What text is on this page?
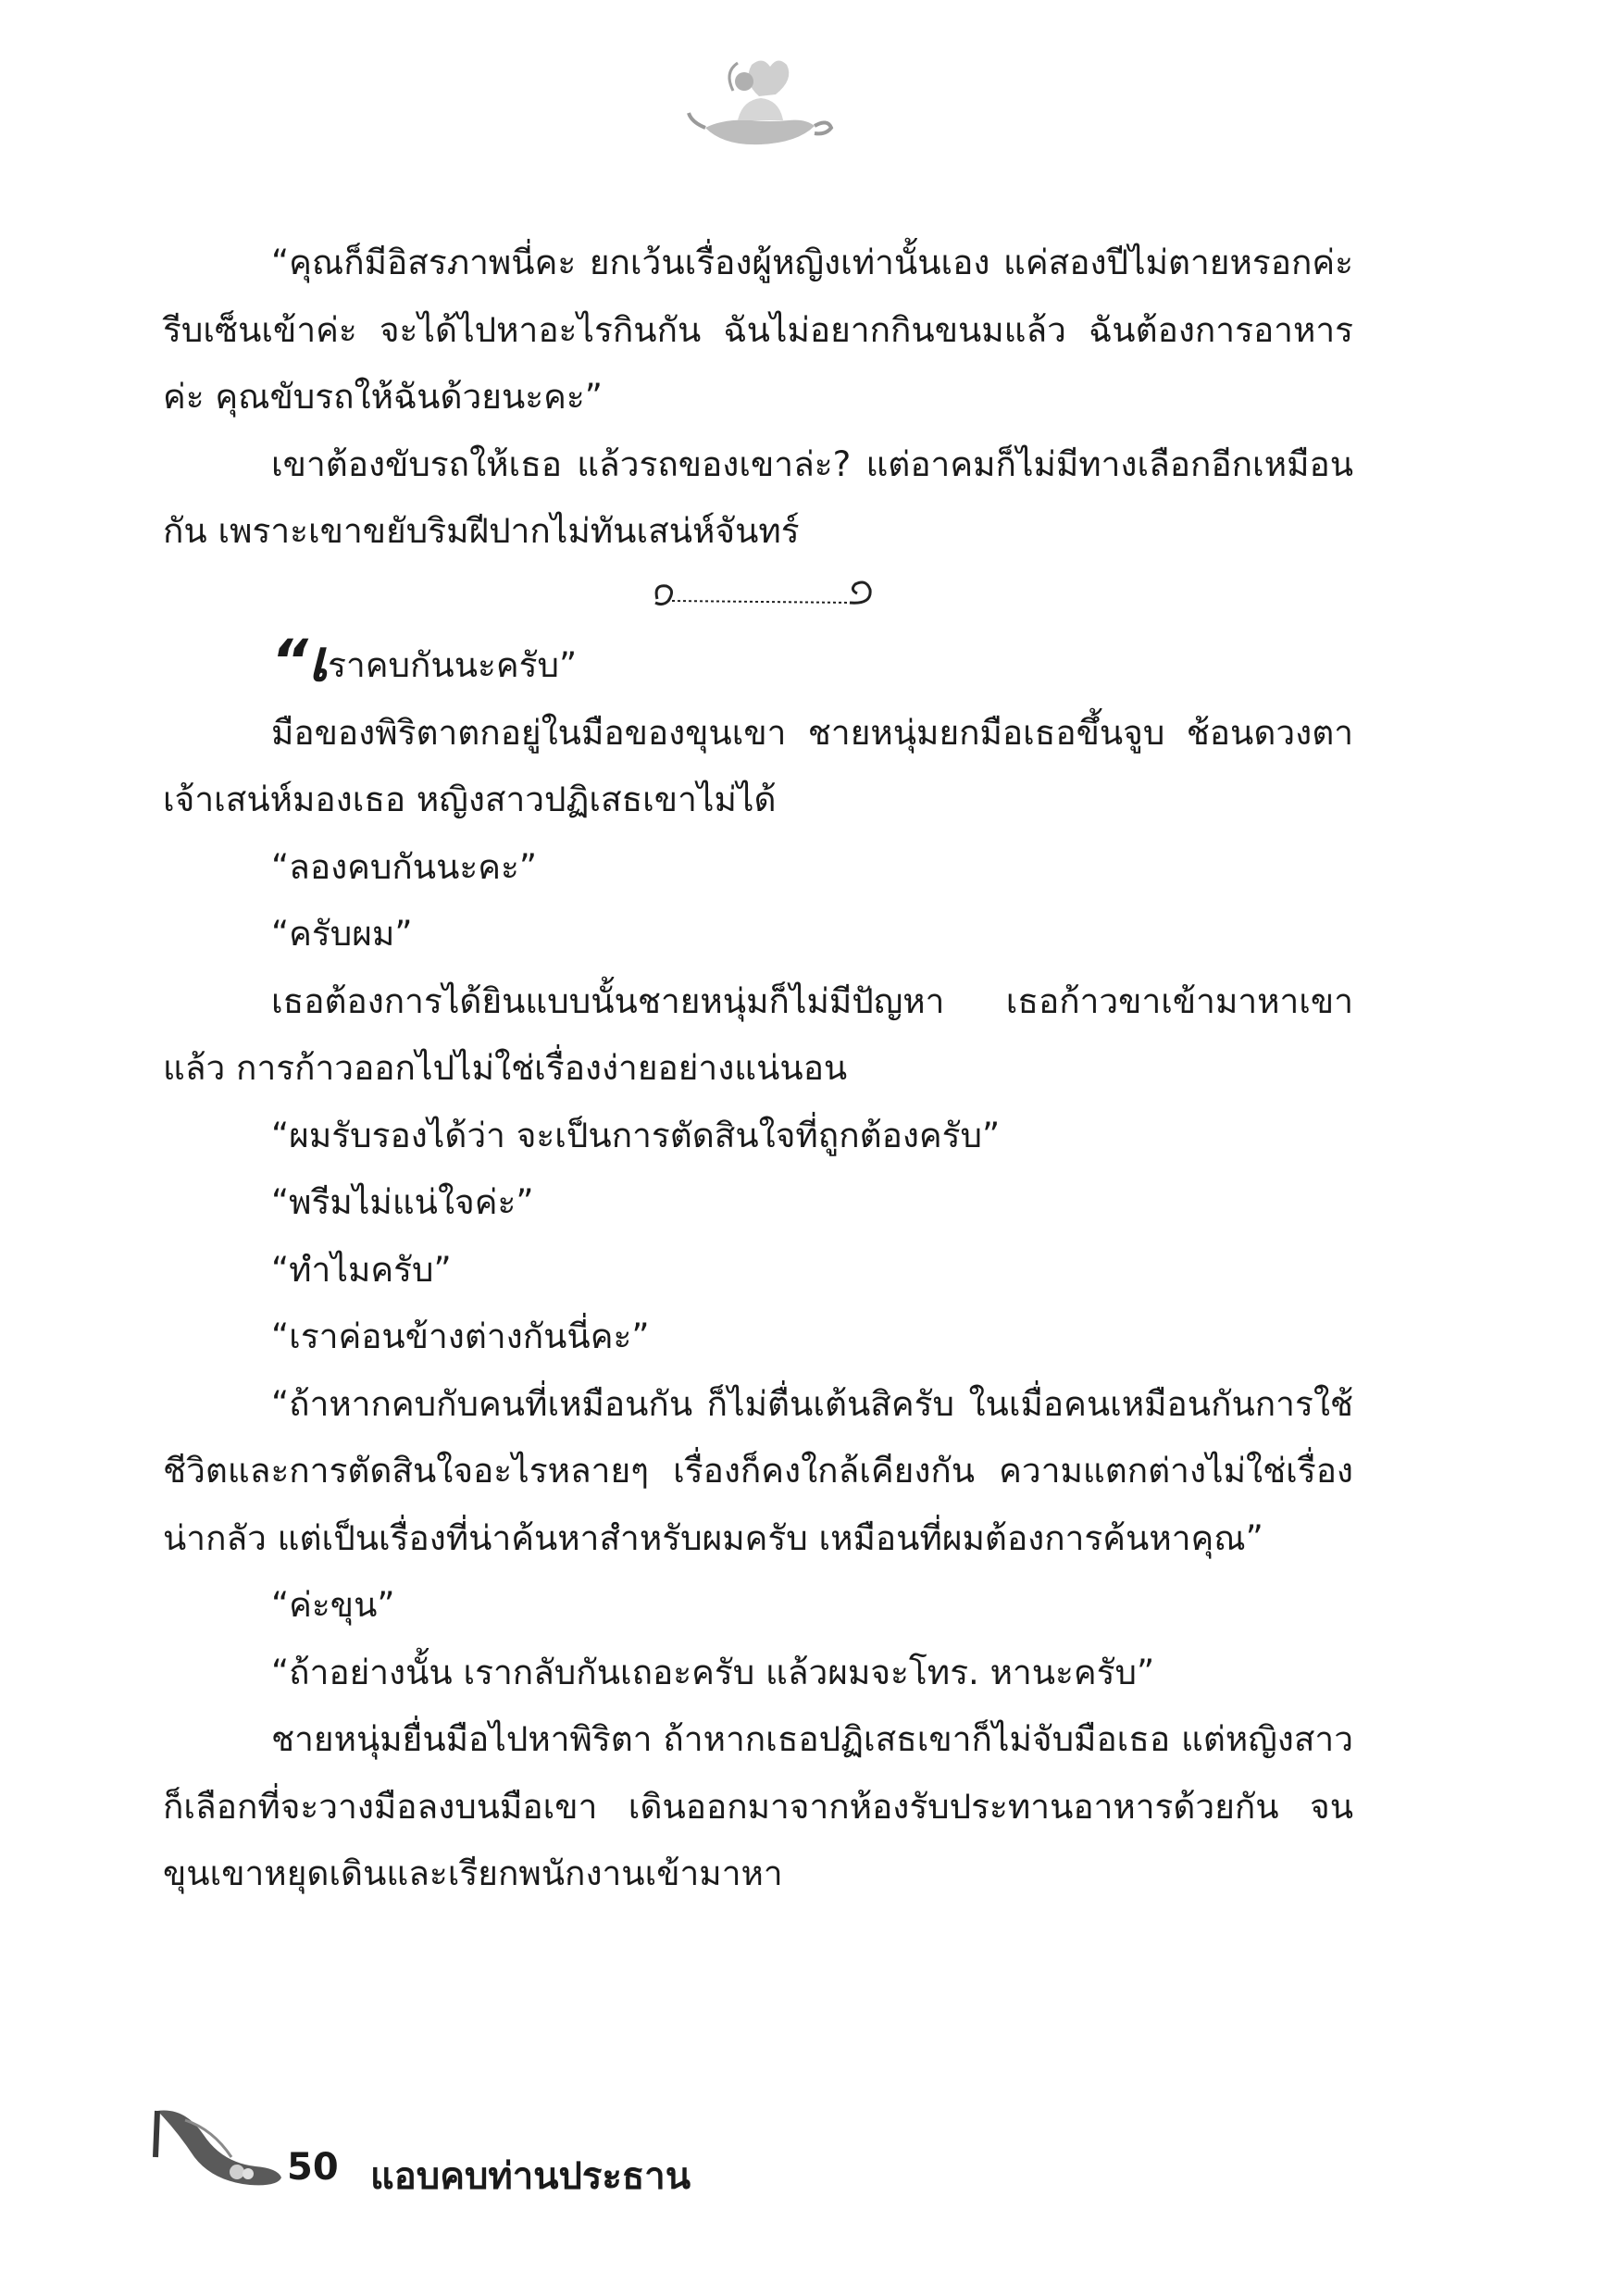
“คุณก็มีอิสรภาพนี่คะ ยกเว้นเรื่องผู้หญิงเท่านั้นเอง แค่สองปีไม่ตายหรอกค่ะ รีบเซ็นเข้าค่ะ จะได้ไปหาอะไรกินกัน ฉันไม่อยากกินขนมแล้ว ฉันต้องการอาหารค่ะ คุณขับรถให้ฉันด้วยนะคะ”

เขาต้องขับรถให้เธอ แล้วรถของเขาล่ะ? แต่อาคมก็ไม่มีทางเลือกอีกเหมือนกัน เพราะเขาขยับริมฝีปากไม่ทันเสน่ห์จันทร์

“เราคบกันนะครับ”

มือของพิริตาตกอยู่ในมือของขุนเขา ชายหนุ่มยกมือเธอขึ้นจูบ ช้อนดวงตาเจ้าเสน่ห์มองเธอ หญิงสาวปฏิเสธเขาไม่ได้

“ลองคบกันนะคะ”

“ครับผม”

เธอต้องการได้ยินแบบนั้นชายหนุ่มก็ไม่มีปัญหา เธอก้าวขาเข้ามาหาเขาแล้ว การก้าวออกไปไม่ใช่เรื่องง่ายอย่างแน่นอน

“ผมรับรองได้ว่า จะเป็นการตัดสินใจที่ถูกต้องครับ”

“พรีมไม่แน่ใจค่ะ”

“ทำไมครับ”

“เราค่อนข้างต่างกันนี่คะ”

“ถ้าหากคบกับคนที่เหมือนกัน ก็ไม่ตื่นเต้นสิครับ ในเมื่อคนเหมือนกันการใช้ชีวิตและการตัดสินใจอะไรหลายๆ เรื่องก็คงใกล้เคียงกัน ความแตกต่างไม่ใช่เรื่องน่ากลัว แต่เป็นเรื่องที่น่าค้นหาสำหรับผมครับ เหมือนที่ผมต้องการค้นหาคุณ”

“ค่ะขุน”

“ถ้าอย่างนั้น เรากลับกันเถอะครับ แล้วผมจะโทร. หานะครับ”

ชายหนุ่มยื่นมือไปหาพิริตา ถ้าหากเธอปฏิเสธเขาก็ไม่จับมือเธอ แต่หญิงสาวก็เลือกที่จะวางมือลงบนมือเขา เดินออกมาจากห้องรับประทานอาหารด้วยกัน จนขุนเขาหยุดเดินและเรียกพนักงานเข้ามาหา

50 แอบคบท่านประธาน
